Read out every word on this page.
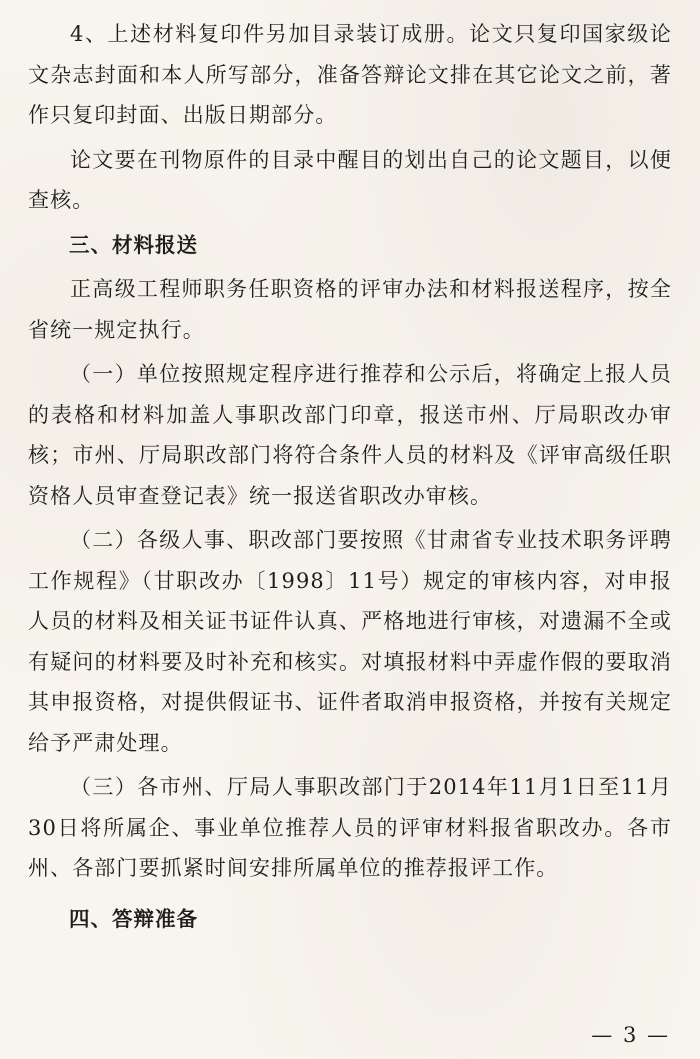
4、上述材料复印件另加目录装订成册。论文只复印国家级论文杂志封面和本人所写部分，准备答辩论文排在其它论文之前，著作只复印封面、出版日期部分。

论文要在刊物原件的目录中醒目的划出自己的论文题目，以便查核。

三、材料报送

正高级工程师职务任职资格的评审办法和材料报送程序，按全省统一规定执行。

（一）单位按照规定程序进行推荐和公示后，将确定上报人员的表格和材料加盖人事职改部门印章，报送市州、厅局职改办审核；市州、厅局职改部门将符合条件人员的材料及《评审高级任职资格人员审查登记表》统一报送省职改办审核。

（二）各级人事、职改部门要按照《甘肃省专业技术职务评聘工作规程》（甘职改办〔1998〕11号）规定的审核内容，对申报人员的材料及相关证书证件认真、严格地进行审核，对遗漏不全或有疑问的材料要及时补充和核实。对填报材料中弄虚作假的要取消其申报资格，对提供假证书、证件者取消申报资格，并按有关规定给予严肃处理。

（三）各市州、厅局人事职改部门于2014年11月1日至11月30日将所属企、事业单位推荐人员的评审材料报省职改办。各市州、各部门要抓紧时间安排所属单位的推荐报评工作。

四、答辩准备
— 3 —
